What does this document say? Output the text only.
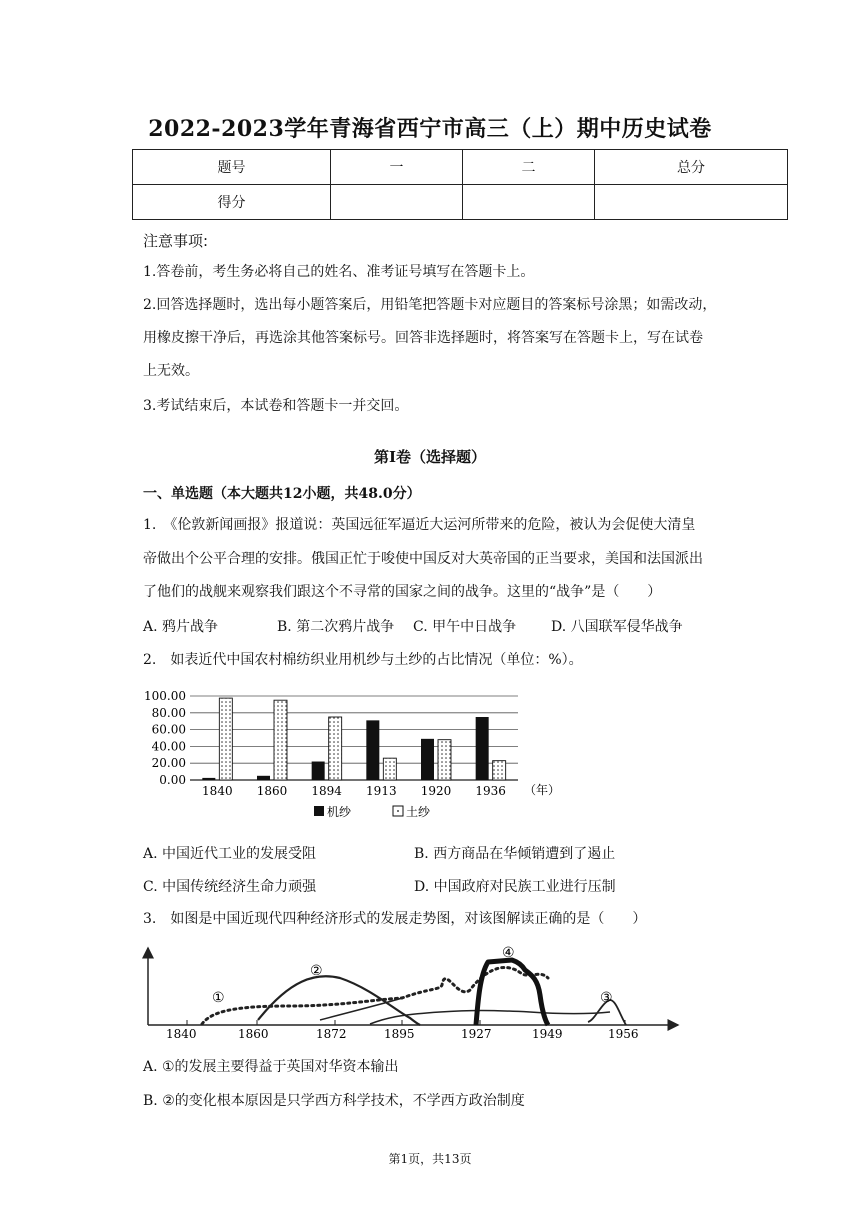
2022-2023学年青海省西宁市高三（上）期中历史试卷
题号	一	二	总分
得分			
注意事项:
1.答卷前，考生务必将自己的姓名、准考证号填写在答题卡上。
2.回答选择题时，选出每小题答案后，用铅笔把答题卡对应题目的答案标号涂黑；如需改动，
用橡皮擦干净后，再选涂其他答案标号。回答非选择题时，将答案写在答题卡上，写在试卷
上无效。
3.考试结束后，本试卷和答题卡一并交回。
第I卷（选择题）
一、单选题（本大题共12小题，共48.0分）
1.　《伦敦新闻画报》报道说：英国远征军逼近大运河所带来的危险，被认为会促使大清皇
帝做出个公平合理的安排。俄国正忙于唆使中国反对大英帝国的正当要求，美国和法国派出
了他们的战舰来观察我们跟这个不寻常的国家之间的战争。这里的“战争”是（　　）
A. 鸦片战争	B. 第二次鸦片战争 C. 甲午中日战争 D. 八国联军侵华战争
2.　如表近代中国农村棉纺织业用机纱与土纱的占比情况（单位：%）。
100.00
80.00
60.00
40.00
20.00
0.00
1840 1860 1894 1913 1920 1936 （年）
机纱	土纱
A. 中国近代工业的发展受阻	B. 西方商品在华倾销遭到了遏止
C. 中国传统经济生命力顽强	D. 中国政府对民族工业进行压制
3.　如图是中国近现代四种经济形式的发展走势图，对该图解读正确的是（　　）
①
②
③
④
1840	1860	1872	1895	1927	1949	1956
A. ①的发展主要得益于英国对华资本输出
B. ②的变化根本原因是只学西方科学技术，不学西方政治制度
第1页，共13页
